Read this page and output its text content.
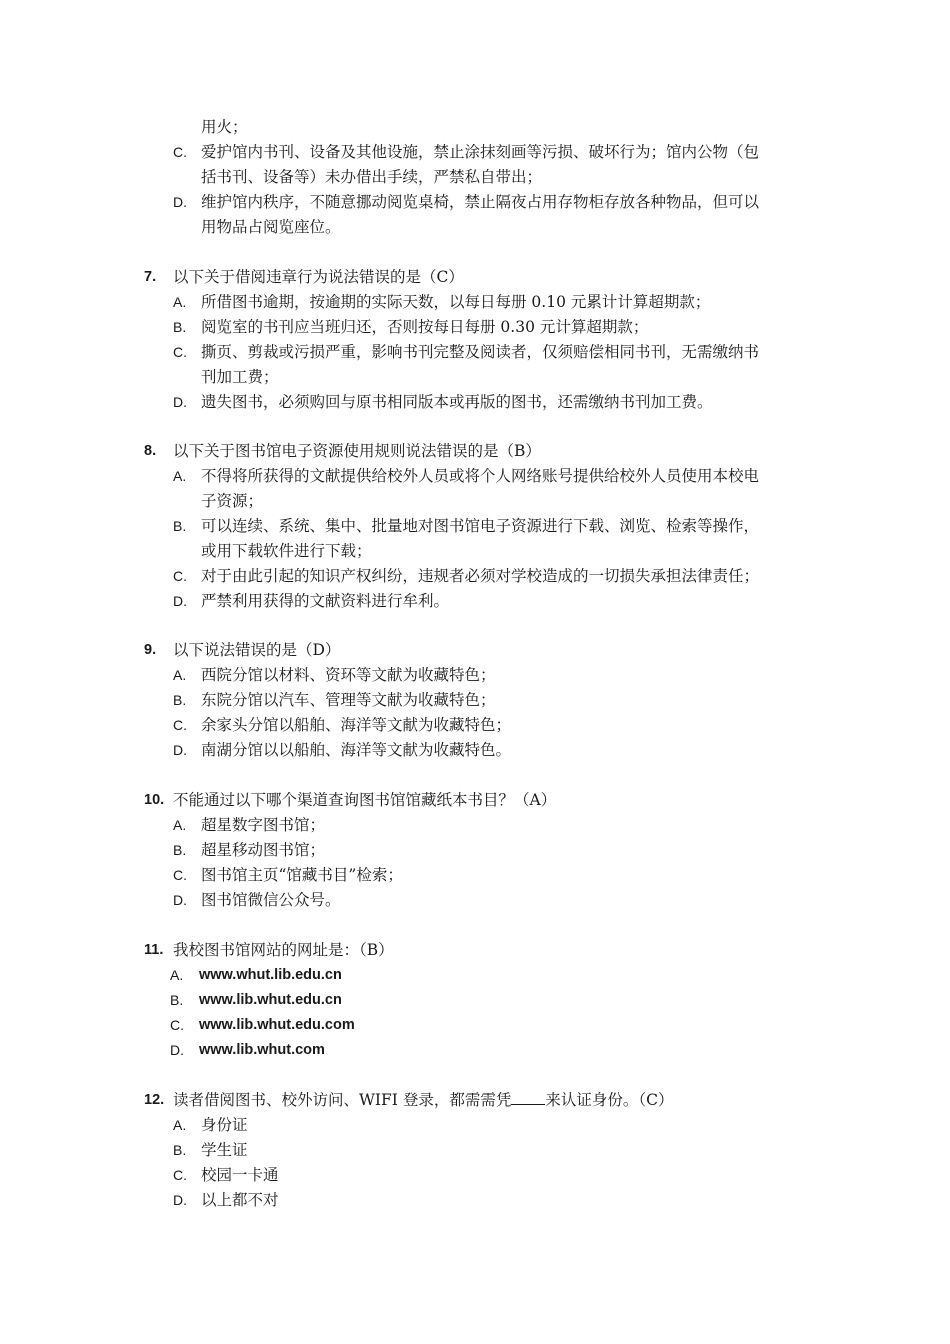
用火；
C. 爱护馆内书刊、设备及其他设施，禁止涂抹刻画等污损、破坏行为；馆内公物（包
括书刊、设备等）未办借出手续，严禁私自带出；
D. 维护馆内秩序，不随意挪动阅览桌椅，禁止隔夜占用存物柜存放各种物品，但可以
用物品占阅览座位。
7. 以下关于借阅违章行为说法错误的是（C）
A. 所借图书逾期，按逾期的实际天数，以每日每册 0.10 元累计计算超期款；
B. 阅览室的书刊应当班归还，否则按每日每册 0.30 元计算超期款；
C. 撕页、剪裁或污损严重，影响书刊完整及阅读者，仅须赔偿相同书刊，无需缴纳书
刊加工费；
D. 遗失图书，必须购回与原书相同版本或再版的图书，还需缴纳书刊加工费。
8. 以下关于图书馆电子资源使用规则说法错误的是（B）
A. 不得将所获得的文献提供给校外人员或将个人网络账号提供给校外人员使用本校电
子资源；
B. 可以连续、系统、集中、批量地对图书馆电子资源进行下载、浏览、检索等操作，
或用下载软件进行下载；
C. 对于由此引起的知识产权纠纷，违规者必须对学校造成的一切损失承担法律责任；
D. 严禁利用获得的文献资料进行牟利。
9. 以下说法错误的是（D）
A. 西院分馆以材料、资环等文献为收藏特色；
B. 东院分馆以汽车、管理等文献为收藏特色；
C. 余家头分馆以船舶、海洋等文献为收藏特色；
D. 南湖分馆以以船舶、海洋等文献为收藏特色。
10. 不能通过以下哪个渠道查询图书馆馆藏纸本书目？（A）
A. 超星数字图书馆；
B. 超星移动图书馆；
C. 图书馆主页“馆藏书目”检索；
D. 图书馆微信公众号。
11. 我校图书馆网站的网址是：（B）
A. www.whut.lib.edu.cn
B. www.lib.whut.edu.cn
C. www.lib.whut.edu.com
D. www.lib.whut.com
12. 读者借阅图书、校外访问、WIFI 登录，都需需凭 来认证身份。（C）
A. 身份证
B. 学生证
C. 校园一卡通
D. 以上都不对
